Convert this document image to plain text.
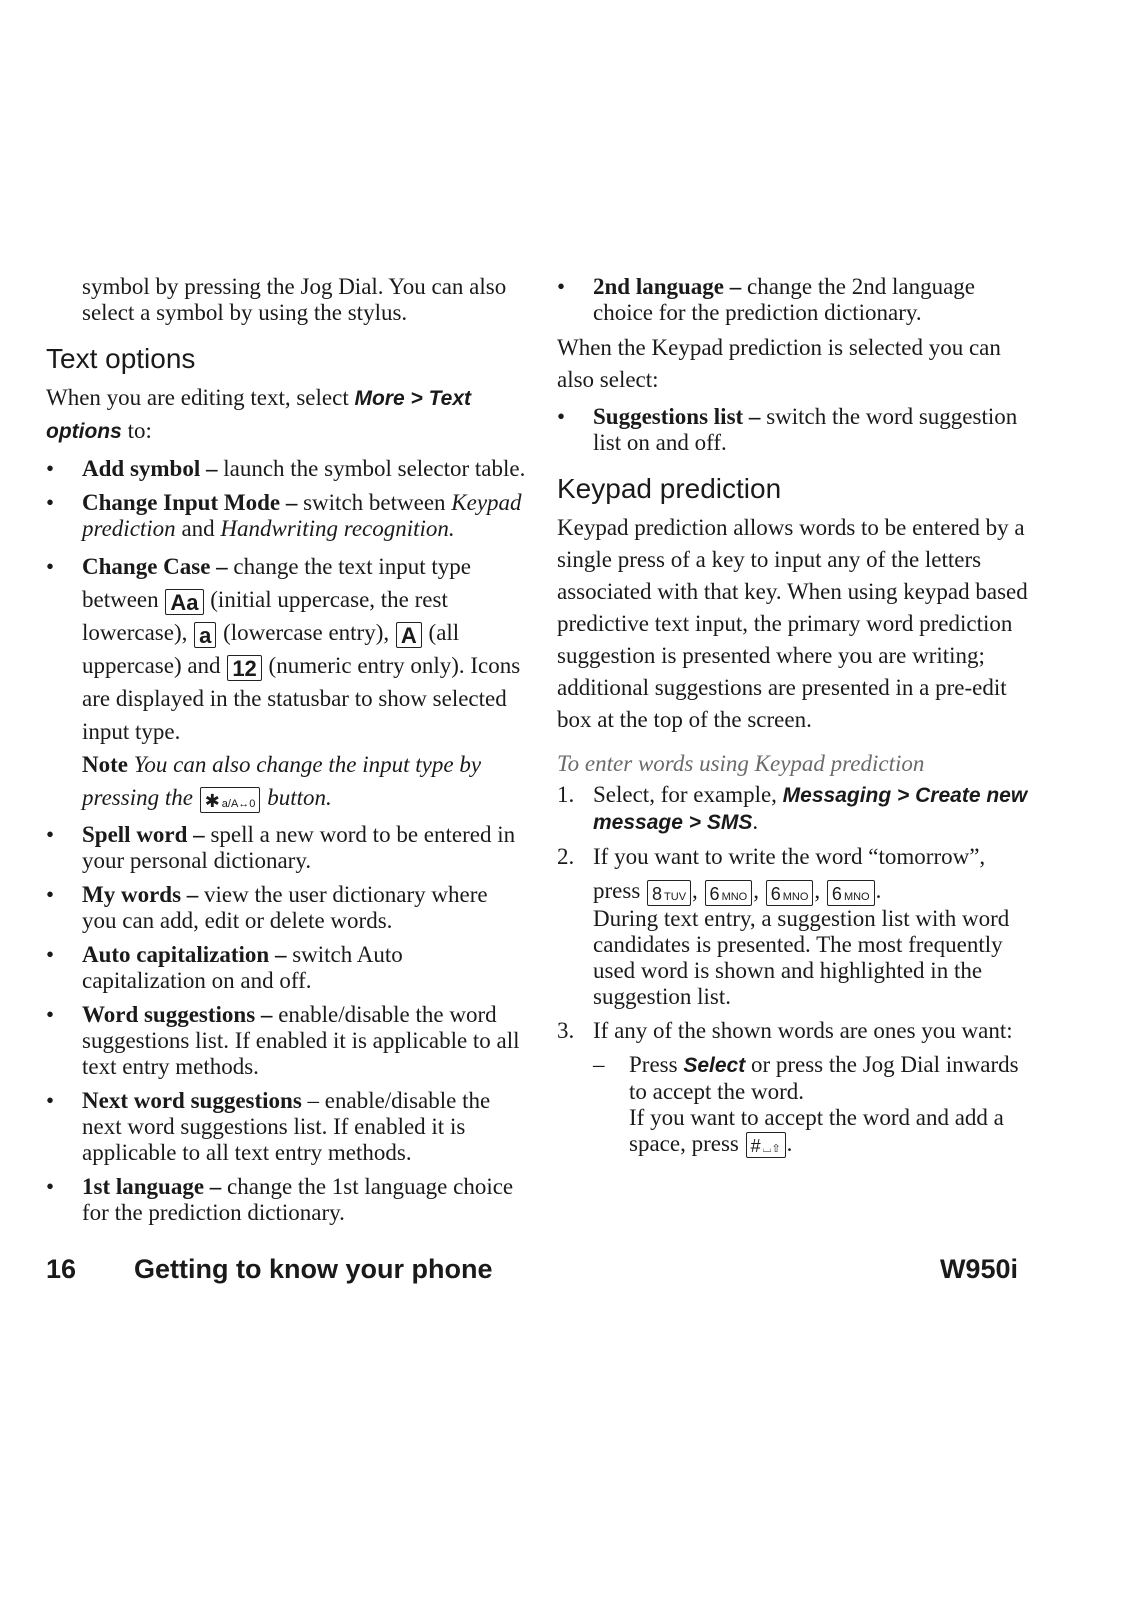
symbol by pressing the Jog Dial. You can also select a symbol by using the stylus.

Text options

When you are editing text, select More > Text options to:

• Add symbol – launch the symbol selector table.
• Change Input Mode – switch between Keypad prediction and Handwriting recognition.
• Change Case – change the text input type between Aa (initial uppercase, the rest lowercase), a (lowercase entry), A (all uppercase) and 12 (numeric entry only). Icons are displayed in the statusbar to show selected input type.
Note You can also change the input type by pressing the ✱ a/A↔0 button.
• Spell word – spell a new word to be entered in your personal dictionary.
• My words – view the user dictionary where you can add, edit or delete words.
• Auto capitalization – switch Auto capitalization on and off.
• Word suggestions – enable/disable the word suggestions list. If enabled it is applicable to all text entry methods.
• Next word suggestions – enable/disable the next word suggestions list. If enabled it is applicable to all text entry methods.
• 1st language – change the 1st language choice for the prediction dictionary.
• 2nd language – change the 2nd language choice for the prediction dictionary.

When the Keypad prediction is selected you can also select:

• Suggestions list – switch the word suggestion list on and off.
Keypad prediction

Keypad prediction allows words to be entered by a single press of a key to input any of the letters associated with that key. When using keypad based predictive text input, the primary word prediction suggestion is presented where you are writing; additional suggestions are presented in a pre-edit box at the top of the screen.

To enter words using Keypad prediction
1. Select, for example, Messaging > Create new message > SMS.
2. If you want to write the word “tomorrow”,
press 8 TUV , 6 MNO , 6 MNO , 6 MNO .
During text entry, a suggestion list with word candidates is presented. The most frequently used word is shown and highlighted in the suggestion list.
3. If any of the shown words are ones you want:
– Press Select or press the Jog Dial inwards to accept the word.
If you want to accept the word and add a space, press # ⌴⇧ .
16 Getting to know your phone	W950i
